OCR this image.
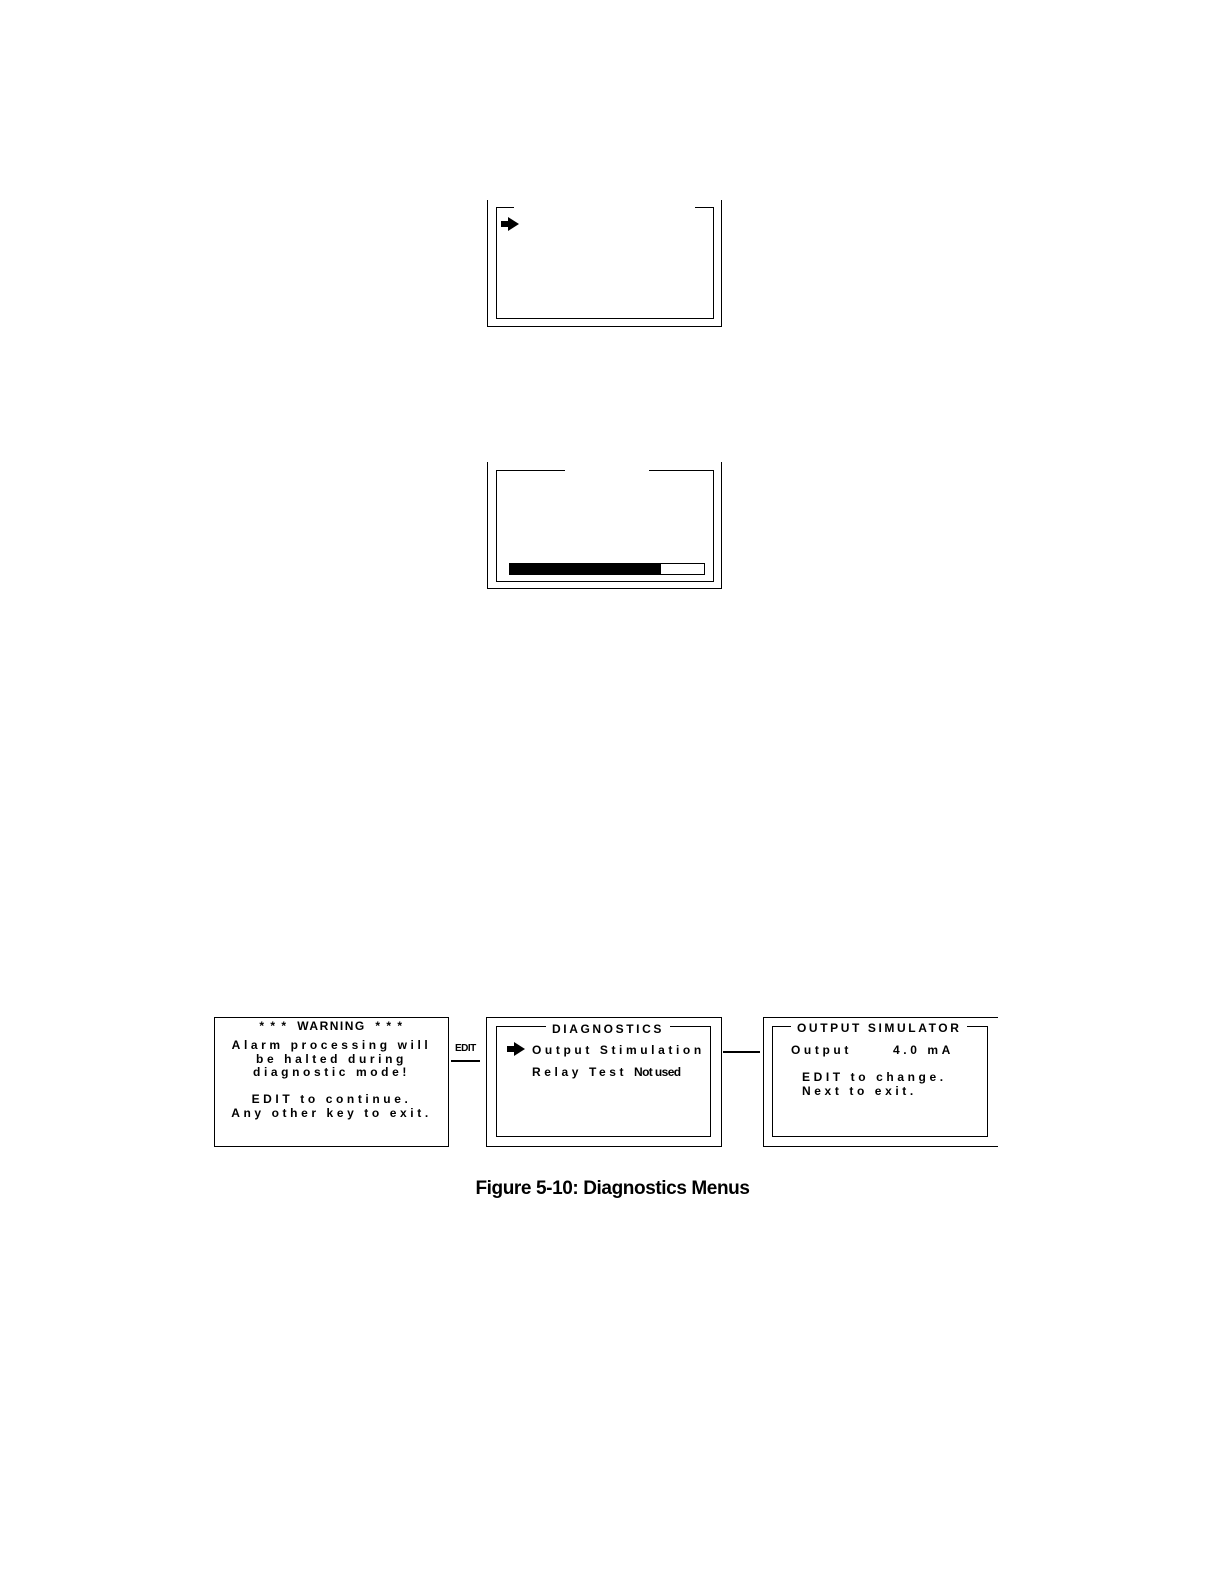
* * *  WARNING  * * *
Alarm processing will
be halted during
diagnostic mode!
EDIT to continue.
Any other key to exit.
EDIT
DIAGNOSTICS
Output Stimulation
Relay Test Not used
OUTPUT SIMULATOR
Output	4.0 mA
EDIT to change.
Next to exit.
Figure 5-10: Diagnostics Menus
